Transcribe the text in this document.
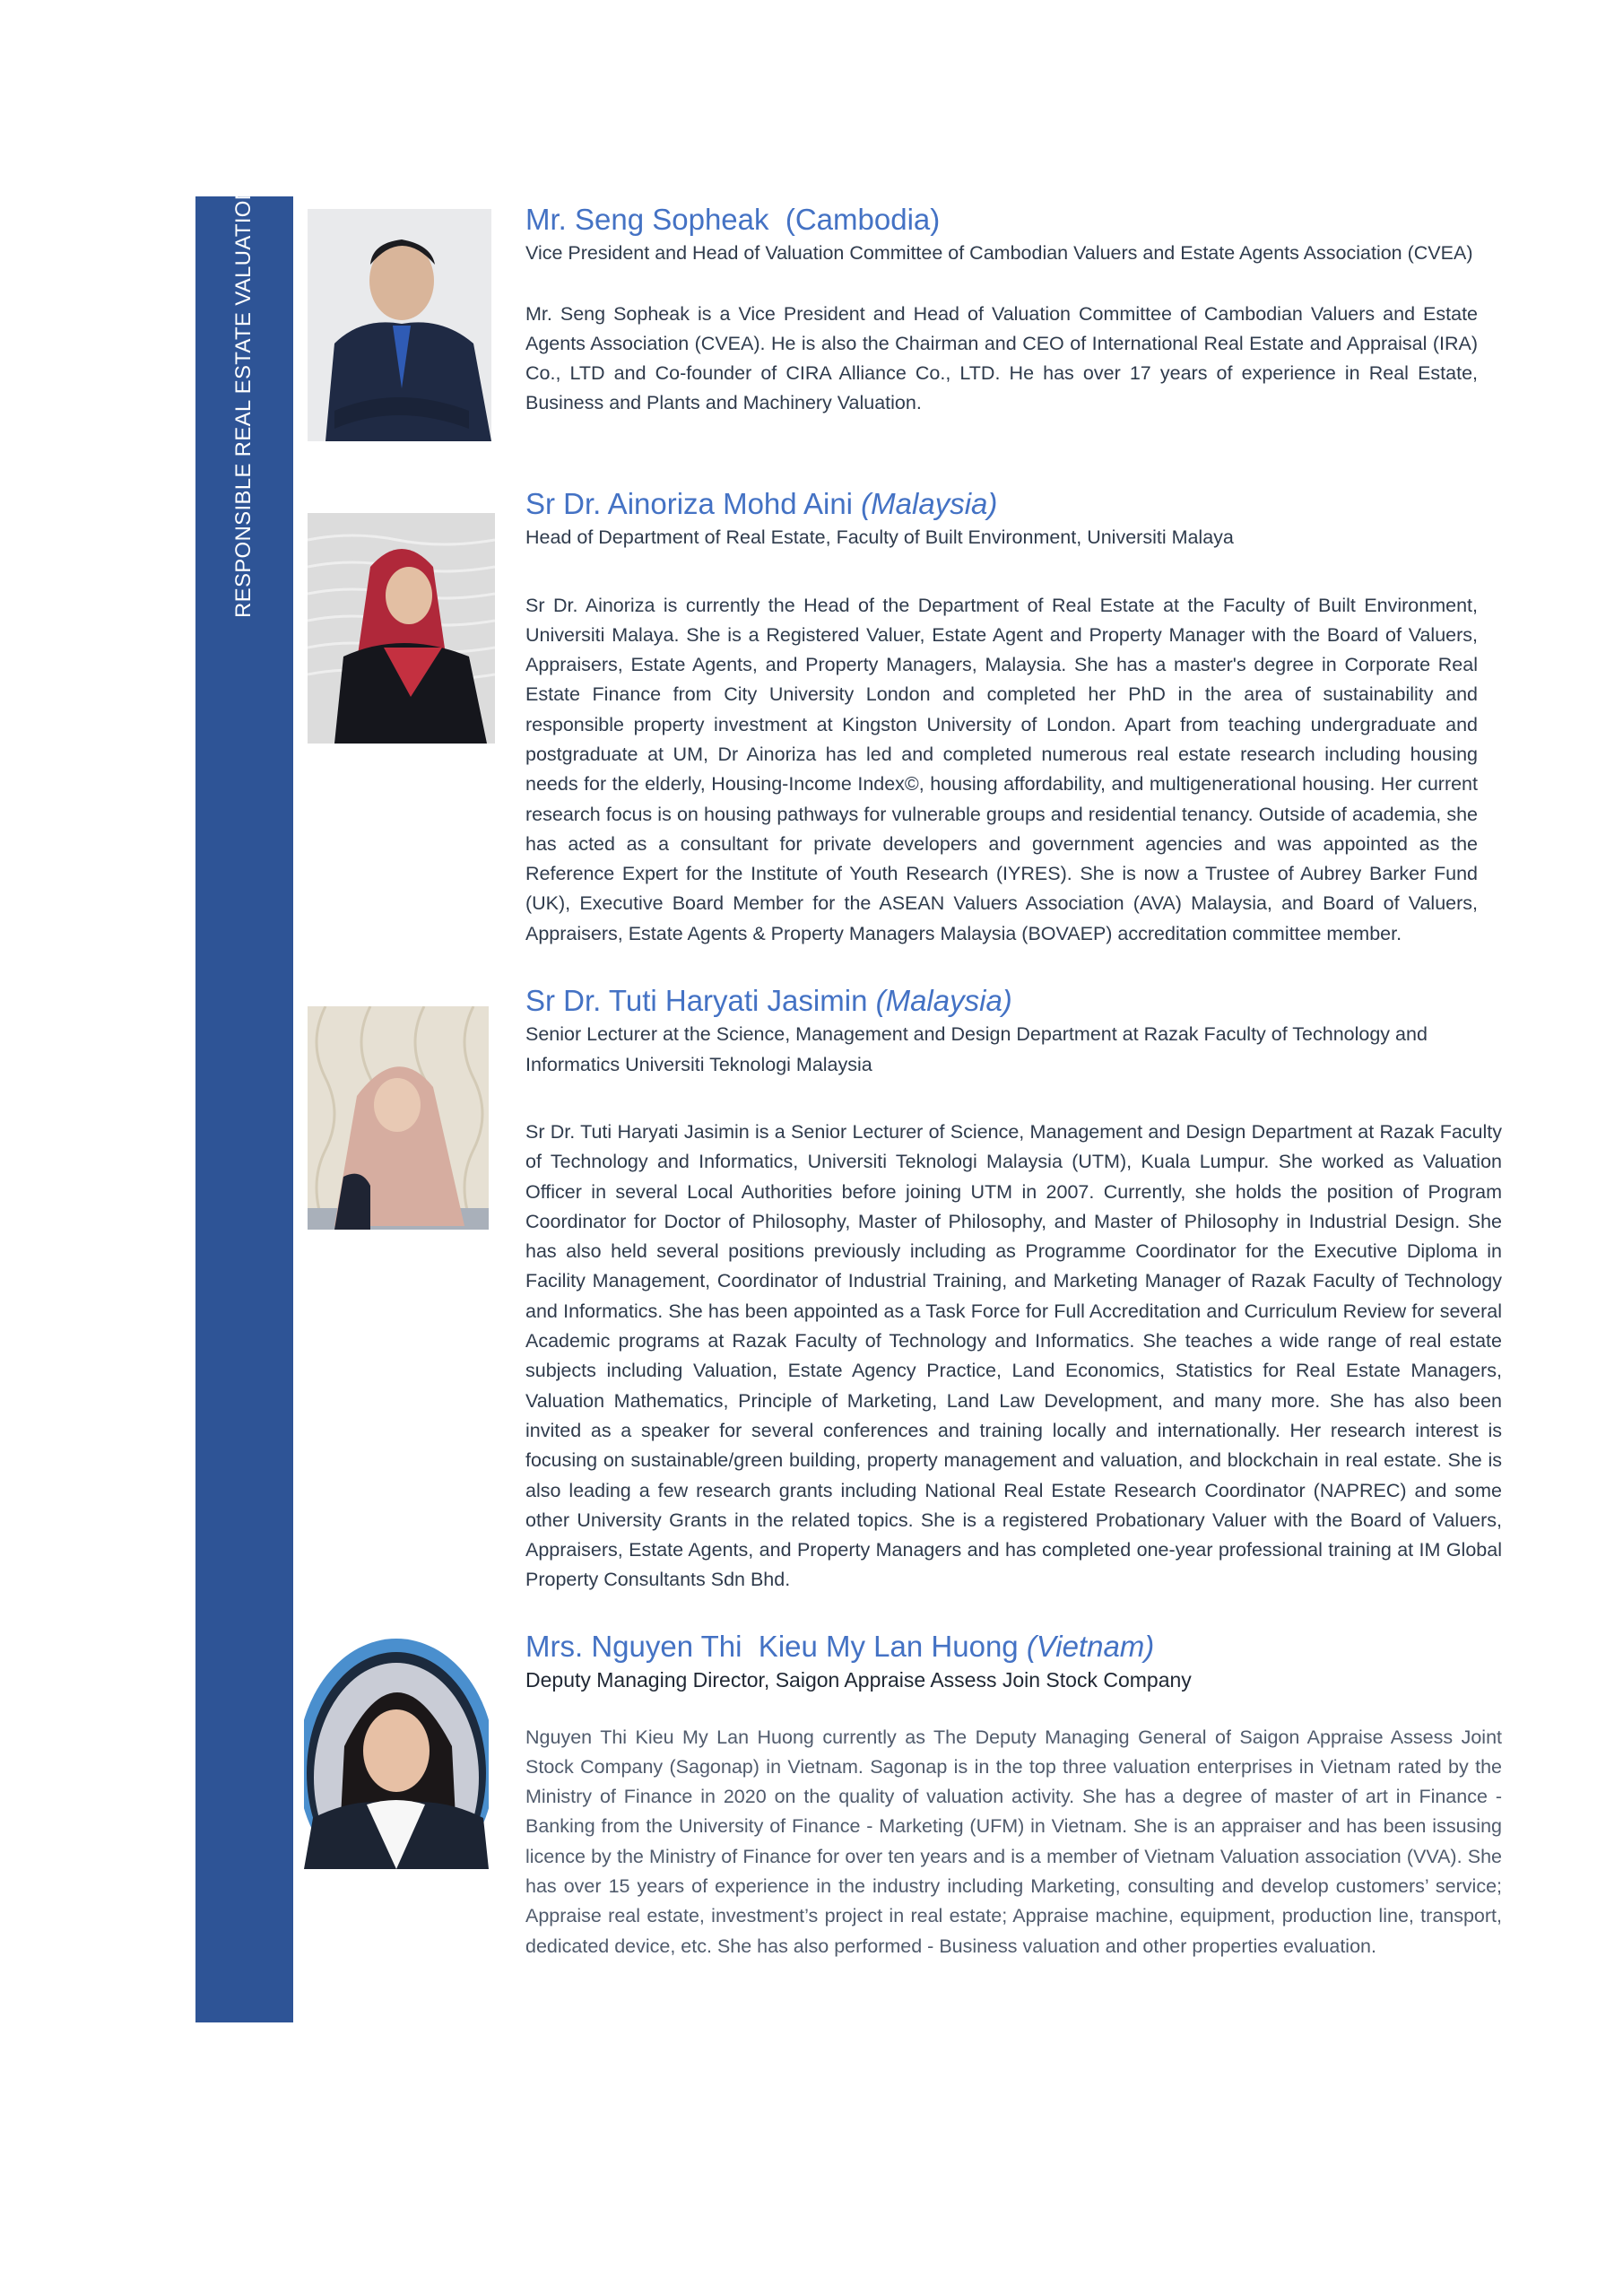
RESPONSIBLE REAL ESTATE VALUATION	Mr. Seng Sopheak  (Cambodia)
Vice President and Head of Valuation Committee of Cambodian Valuers and Estate Agents Association (CVEA)
Mr. Seng Sopheak is a Vice President and Head of Valuation Committee of Cambodian Valuers and Estate Agents Association (CVEA). He is also the Chairman and CEO of International Real Estate and Appraisal (IRA) Co., LTD and Co-founder of CIRA Alliance Co., LTD. He has over 17 years of experience in Real Estate, Business and Plants and Machinery Valuation.
Sr Dr. Ainoriza Mohd Aini (Malaysia)
Head of Department of Real Estate, Faculty of Built Environment, Universiti Malaya
Sr Dr. Ainoriza is currently the Head of the Department of Real Estate at the Faculty of Built Environment, Universiti Malaya. She is a Registered Valuer, Estate Agent and Property Manager with the Board of Valuers, Appraisers, Estate Agents, and Property Managers, Malaysia. She has a master's degree in Corporate Real Estate Finance from City University London and completed her PhD in the area of sustainability and responsible property investment at Kingston University of London. Apart from teaching undergraduate and postgraduate at UM, Dr Ainoriza has led and completed numerous real estate research including housing needs for the elderly, Housing-Income Index©, housing affordability, and multigenerational housing. Her current research focus is on housing pathways for vulnerable groups and residential tenancy. Outside of academia, she has acted as a consultant for private developers and government agencies and was appointed as the Reference Expert for the Institute of Youth Research (IYRES). She is now a Trustee of Aubrey Barker Fund (UK), Executive Board Member for the ASEAN Valuers Association (AVA) Malaysia, and Board of Valuers, Appraisers, Estate Agents & Property Managers Malaysia (BOVAEP) accreditation committee member.
Sr Dr. Tuti Haryati Jasimin (Malaysia)
Senior Lecturer at the Science, Management and Design Department at Razak Faculty of Technology and Informatics Universiti Teknologi Malaysia
Sr Dr. Tuti Haryati Jasimin is a Senior Lecturer of Science, Management and Design Department at Razak Faculty of Technology and Informatics, Universiti Teknologi Malaysia (UTM), Kuala Lumpur. She worked as Valuation Officer in several Local Authorities before joining UTM in 2007. Currently, she holds the position of Program Coordinator for Doctor of Philosophy, Master of Philosophy, and Master of Philosophy in Industrial Design. She has also held several positions previously including as Programme Coordinator for the Executive Diploma in Facility Management, Coordinator of Industrial Training, and Marketing Manager of Razak Faculty of Technology and Informatics. She has been appointed as a Task Force for Full Accreditation and Curriculum Review for several Academic programs at Razak Faculty of Technology and Informatics. She teaches a wide range of real estate subjects including Valuation, Estate Agency Practice, Land Economics, Statistics for Real Estate Managers, Valuation Mathematics, Principle of Marketing, Land Law Development, and many more. She has also been invited as a speaker for several conferences and training locally and internationally. Her research interest is focusing on sustainable/green building, property management and valuation, and blockchain in real estate. She is also leading a few research grants including National Real Estate Research Coordinator (NAPREC) and some other University Grants in the related topics. She is a registered Probationary Valuer with the Board of Valuers, Appraisers, Estate Agents, and Property Managers and has completed one-year professional training at IM Global Property Consultants Sdn Bhd.
Mrs. Nguyen Thi  Kieu My Lan Huong (Vietnam)
Deputy Managing Director, Saigon Appraise Assess Join Stock Company
Nguyen Thi Kieu My Lan Huong currently as The Deputy Managing General of Saigon Appraise Assess Joint Stock Company (Sagonap) in Vietnam. Sagonap is in the top three valuation enterprises in Vietnam rated by the Ministry of Finance in 2020 on the quality of valuation activity. She has a degree of master of art in Finance - Banking from the University of Finance - Marketing (UFM) in Vietnam. She is an appraiser and has been issusing licence by the Ministry of Finance for over ten years and is a member of Vietnam Valuation association (VVA). She has over 15 years of experience in the industry including Marketing, consulting and develop customers’ service; Appraise real estate, investment’s project in real estate; Appraise machine, equipment, production line, transport, dedicated device, etc. She has also performed - Business valuation and other properties evaluation.
